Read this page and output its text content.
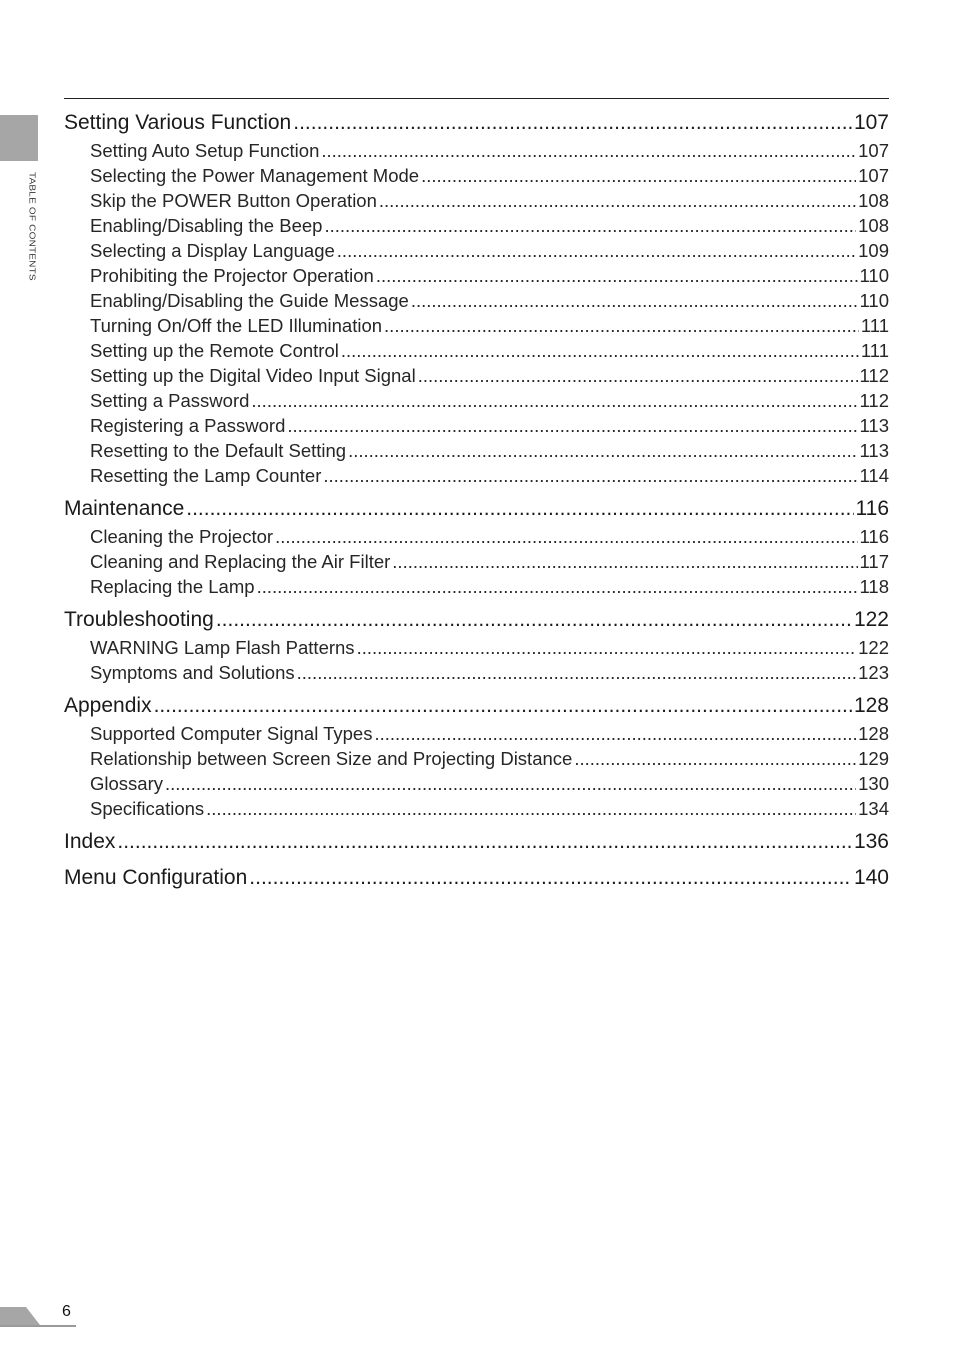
TABLE OF CONTENTS
Setting Various Function .....	107
Setting Auto Setup Function .....	107
Selecting the Power Management Mode .....	107
Skip the POWER Button Operation .....	108
Enabling/Disabling the Beep .....	108
Selecting a Display Language .....	109
Prohibiting the Projector Operation .....	110
Enabling/Disabling the Guide Message .....	110
Turning On/Off the LED Illumination .....	111
Setting up the Remote Control .....	111
Setting up the Digital Video Input Signal .....	112
Setting a Password .....	112
Registering a Password .....	113
Resetting to the Default Setting .....	113
Resetting the Lamp Counter .....	114
Maintenance .....	116
Cleaning the Projector .....	116
Cleaning and Replacing the Air Filter .....	117
Replacing the Lamp .....	118
Troubleshooting .....	122
WARNING Lamp Flash Patterns .....	122
Symptoms and Solutions .....	123
Appendix .....	128
Supported Computer Signal Types .....	128
Relationship between Screen Size and Projecting Distance .....	129
Glossary .....	130
Specifications .....	134
Index .....	136
Menu Configuration .....	140
6
